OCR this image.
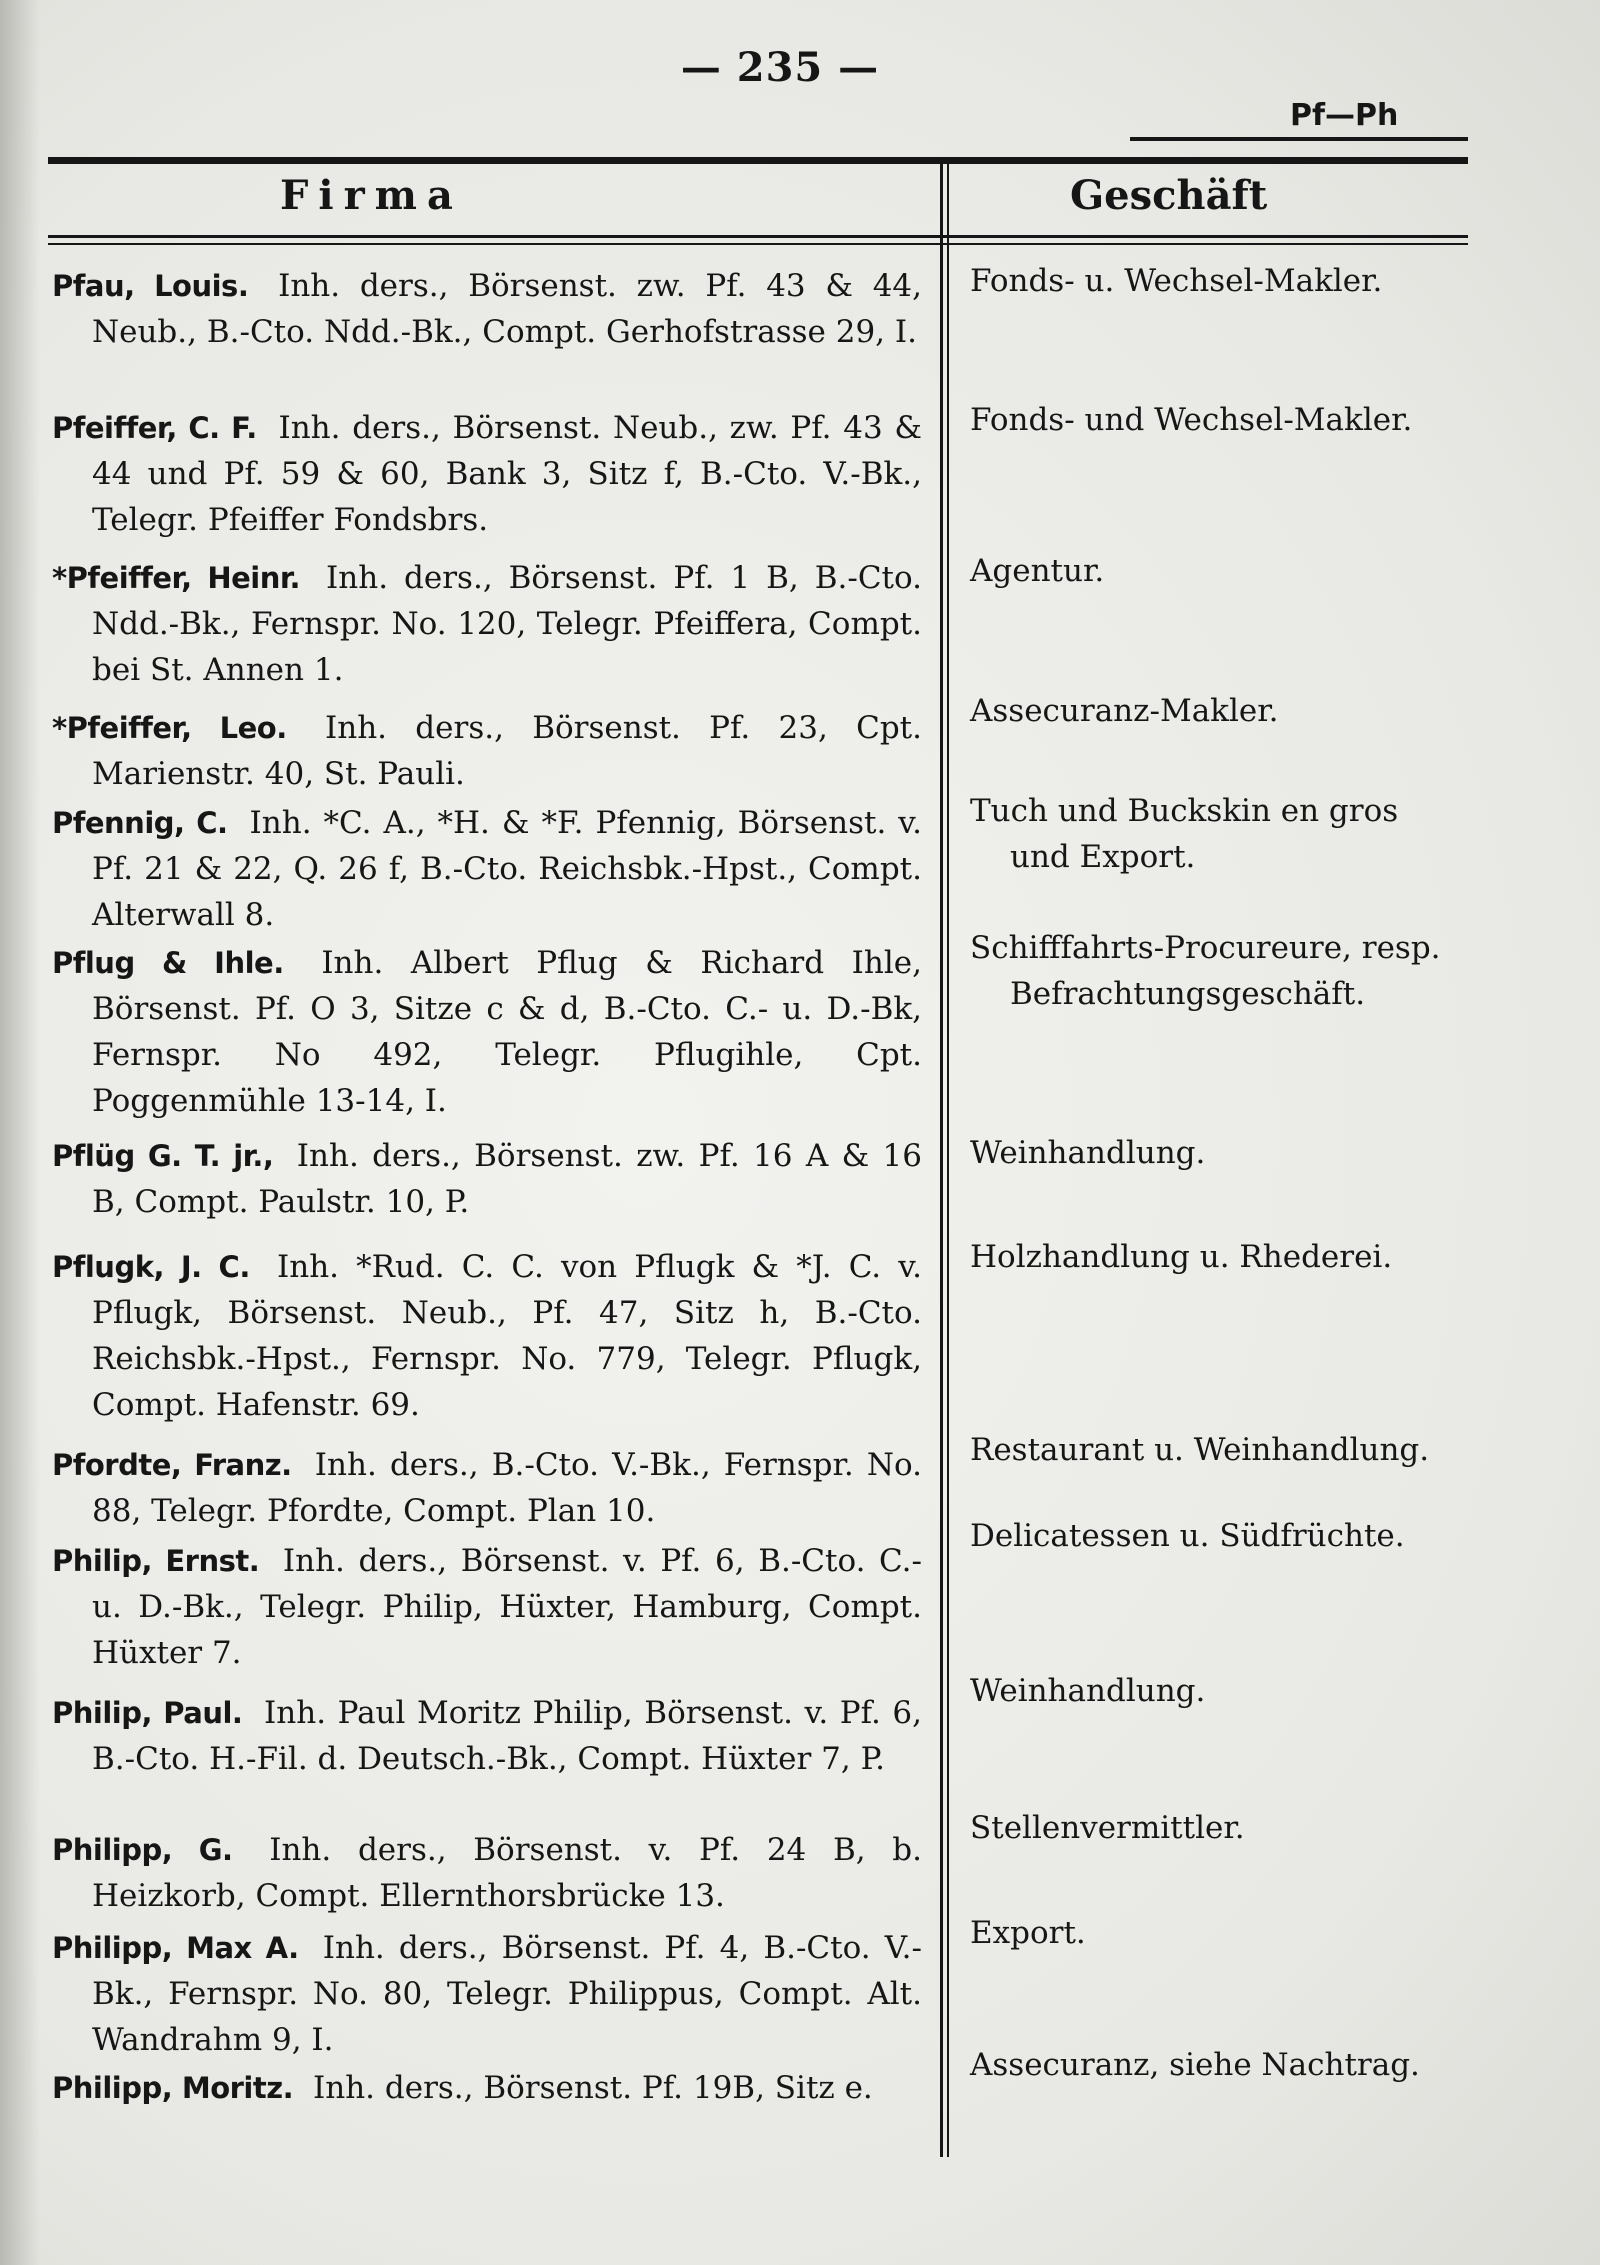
— 235 —
Pf—Ph
Firma	Geschäft
Pfau, Louis. Inh. ders., Börsenst. zw. Pf. 43 & 44, Neub., B.-Cto. Ndd.-Bk., Compt. Gerhofstrasse 29, I.
Fonds- u. Wechsel-Makler.
Pfeiffer, C. F. Inh. ders., Börsenst. Neub., zw. Pf. 43 & 44 und Pf. 59 & 60, Bank 3, Sitz f, B.-Cto. V.-Bk., Telegr. Pfeiffer Fondsbrs.
Fonds- und Wechsel-Makler.
*Pfeiffer, Heinr. Inh. ders., Börsenst. Pf. 1 B, B.-Cto. Ndd.-Bk., Fernspr. No. 120, Telegr. Pfeiffera, Compt. bei St. Annen 1.
Agentur.
*Pfeiffer, Leo. Inh. ders., Börsenst. Pf. 23, Cpt. Marienstr. 40, St. Pauli.
Assecuranz-Makler.
Pfennig, C. Inh. *C. A., *H. & *F. Pfennig, Börsenst. v. Pf. 21 & 22, Q. 26 f, B.-Cto. Reichsbk.-Hpst., Compt. Alterwall 8.
Tuch und Buckskin en gros
und Export.
Pflug & Ihle. Inh. Albert Pflug & Richard Ihle, Börsenst. Pf. O 3, Sitze c & d, B.-Cto. C.- u. D.-Bk, Fernspr. No 492, Telegr. Pflugihle, Cpt. Poggenmühle 13-14, I.
Schifffahrts-Procureure, resp.
Befrachtungsgeschäft.
Pflüg G. T. jr., Inh. ders., Börsenst. zw. Pf. 16 A & 16 B, Compt. Paulstr. 10, P.
Weinhandlung.
Pflugk, J. C. Inh. *Rud. C. C. von Pflugk & *J. C. v. Pflugk, Börsenst. Neub., Pf. 47, Sitz h, B.-Cto. Reichsbk.-Hpst., Fernspr. No. 779, Telegr. Pflugk, Compt. Hafenstr. 69.
Holzhandlung u. Rhederei.
Pfordte, Franz. Inh. ders., B.-Cto. V.-Bk., Fernspr. No. 88, Telegr. Pfordte, Compt. Plan 10.
Restaurant u. Weinhandlung.
Philip, Ernst. Inh. ders., Börsenst. v. Pf. 6, B.-Cto. C.- u. D.-Bk., Telegr. Philip, Hüxter, Hamburg, Compt. Hüxter 7.
Delicatessen u. Südfrüchte.
Philip, Paul. Inh. Paul Moritz Philip, Börsenst. v. Pf. 6, B.-Cto. H.-Fil. d. Deutsch.-Bk., Compt. Hüxter 7, P.
Weinhandlung.
Philipp, G. Inh. ders., Börsenst. v. Pf. 24 B, b. Heizkorb, Compt. Ellernthorsbrücke 13.
Stellenvermittler.
Philipp, Max A. Inh. ders., Börsenst. Pf. 4, B.-Cto. V.-Bk., Fernspr. No. 80, Telegr. Philippus, Compt. Alt. Wandrahm 9, I.
Export.
Philipp, Moritz. Inh. ders., Börsenst. Pf. 19B, Sitz e.
Assecuranz, siehe Nachtrag.
